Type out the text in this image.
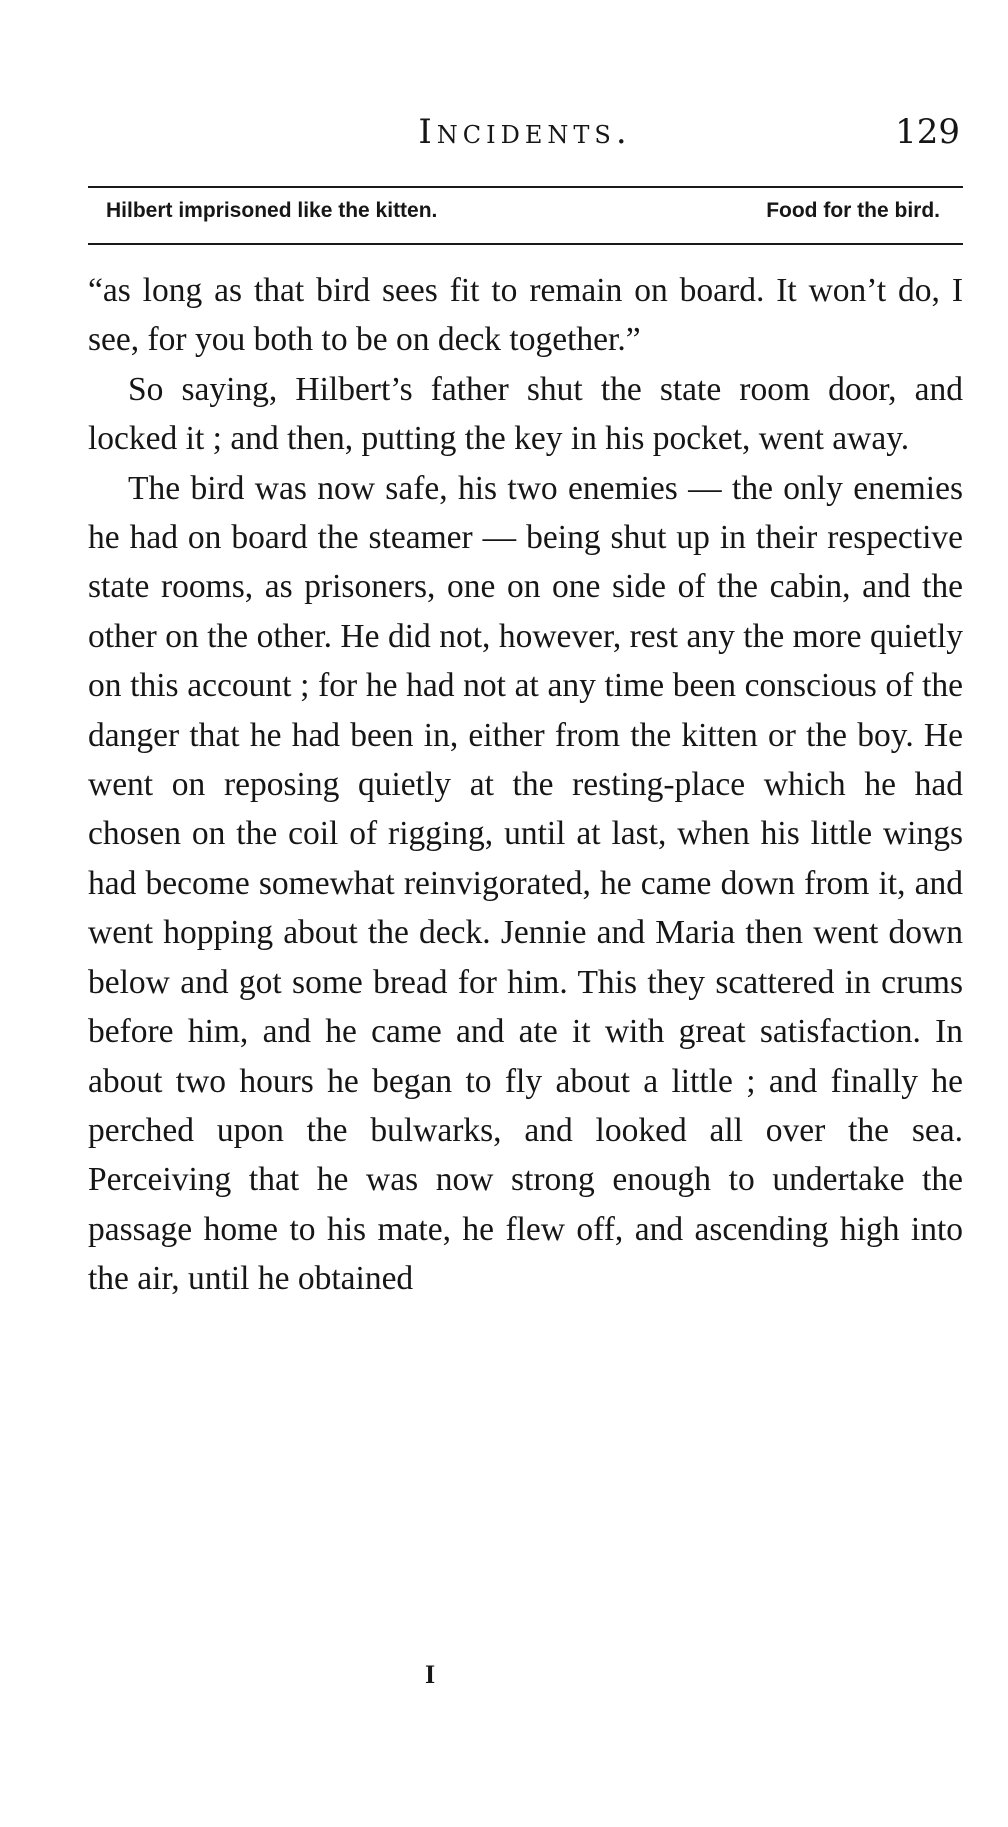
Incidents.	129
Hilbert imprisoned like the kitten.	Food for the bird.

“as long as that bird sees fit to remain on board. It won’t do, I see, for you both to be on deck together.”

So saying, Hilbert’s father shut the state room door, and locked it ; and then, putting the key in his pocket, went away.

The bird was now safe, his two enemies — the only enemies he had on board the steamer — being shut up in their respective state rooms, as prisoners, one on one side of the cabin, and the other on the other. He did not, however, rest any the more quietly on this account ; for he had not at any time been conscious of the danger that he had been in, either from the kitten or the boy. He went on reposing quietly at the resting-place which he had chosen on the coil of rigging, until at last, when his little wings had become somewhat reinvigorated, he came down from it, and went hopping about the deck. Jennie and Maria then went down below and got some bread for him. This they scattered in crums before him, and he came and ate it with great satisfaction. In about two hours he began to fly about a little ; and finally he perched upon the bulwarks, and looked all over the sea. Perceiving that he was now strong enough to undertake the passage home to his mate, he flew off, and ascending high into the air, until he obtained

I
